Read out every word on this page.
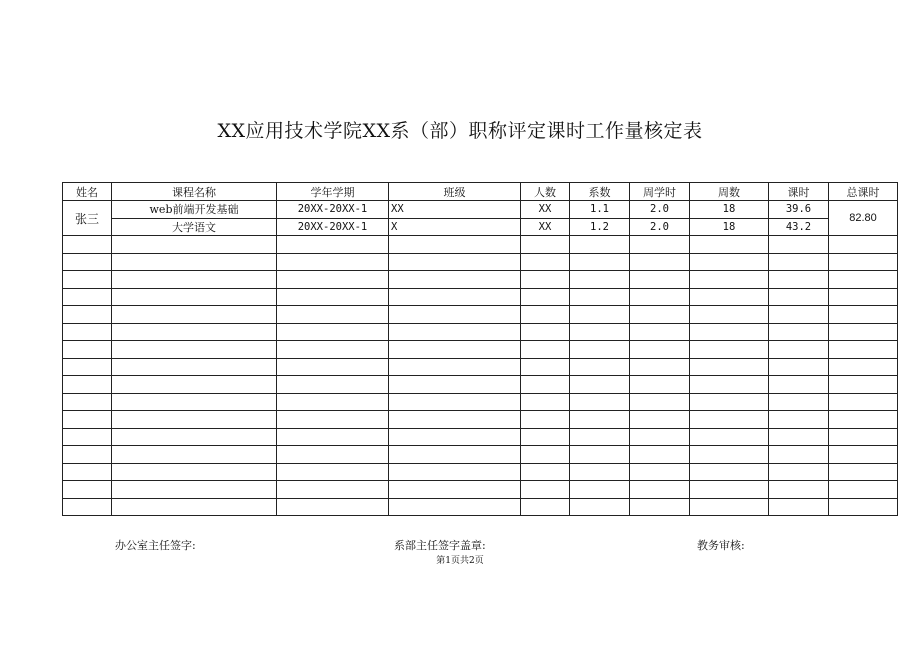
XX应用技术学院XX系（部）职称评定课时工作量核定表
姓名	课程名称	学年学期	班级	人数	系数	周学时	周数	课时	总课时
张三	web前端开发基础	20XX-20XX-1	XX	XX	1.1	2.0	18	39.6	82.80
	大学语文	20XX-20XX-1	X	XX	1.2	2.0	18	43.2	

办公室主任签字:	系部主任签字盖章:	教务审核:
第1页共2页
